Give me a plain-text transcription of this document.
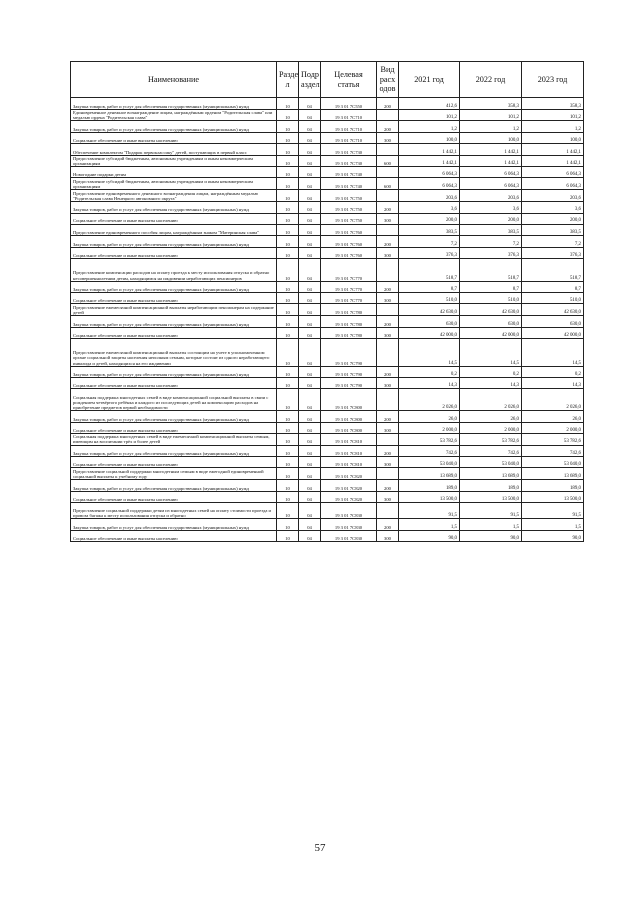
Наименование	Разде л	Подр аздел	Целевая статья	Вид расх одов	2021 год	2022 год	2023 год
Закупка товаров, работ и услуг для обеспечения государственных (муниципальных) нужд	10	04	19 3 01 7С550	200	412,6	358,3	358,3
Единовременное денежное вознаграждение лицам, награждённым орденом "Родительская слава" или медалью ордена "Родительская слава"	10	04	19 3 01 7С710		101,2	101,2	101,2
Закупка товаров, работ и услуг для обеспечения государственных (муниципальных) нужд	10	04	19 3 01 7С710	200	1,2	1,2	1,2
Социальное обеспечение и иные выплаты населению	10	04	19 3 01 7С710	300	100,0	100,0	100,0
Обеспечение комплектом "Подарок первоклассику" детей, поступающих в первый класс	10	04	19 3 01 7С730		1 442,1	1 442,1	1 442,1
Предоставление субсидий бюджетным, автономным учреждениям и иным некоммерческим организациям	10	04	19 3 01 7С730	600	1 442,1	1 442,1	1 442,1
Новогодние подарки детям	10	04	19 3 01 7С740		6 064,3	6 064,3	6 064,3
Предоставление субсидий бюджетным, автономным учреждениям и иным некоммерческим организациям	10	04	19 3 01 7С740	600	6 064,3	6 064,3	6 064,3
Предоставление единовременного денежного вознаграждения лицам, награждённым медалью "Родительская слава Ненецкого автономного округа"	10	04	19 3 01 7С750		203,6	203,6	203,6
Закупка товаров, работ и услуг для обеспечения государственных (муниципальных) нужд	10	04	19 3 01 7С750	200	3,6	3,6	3,6
Социальное обеспечение и иные выплаты населению	10	04	19 3 01 7С750	300	200,0	200,0	200,0
Предоставление единовременного пособия лицам, награждённым знаком "Материнская слава"	10	04	19 3 01 7С760		383,5	383,5	383,5
Закупка товаров, работ и услуг для обеспечения государственных (муниципальных) нужд	10	04	19 3 01 7С760	200	7,2	7,2	7,2
Социальное обеспечение и иные выплаты населению	10	04	19 3 01 7С760	300	376,3	376,3	376,3
Предоставление компенсации расходов на оплату проезда к месту использования отпуска и обратно несовершеннолетним детям, находящимся на иждивении неработающих пенсионеров	10	04	19 3 01 7С770		518,7	518,7	518,7
Закупка товаров, работ и услуг для обеспечения государственных (муниципальных) нужд	10	04	19 3 01 7С770	200	8,7	8,7	8,7
Социальное обеспечение и иные выплаты населению	10	04	19 3 01 7С770	300	510,0	510,0	510,0
Предоставление ежемесячной компенсационной выплаты неработающим пенсионерам на содержание детей	10	04	19 3 01 7С780		42 630,0	42 630,0	42 630,0
Закупка товаров, работ и услуг для обеспечения государственных (муниципальных) нужд	10	04	19 3 01 7С780	200	630,0	630,0	630,0
Социальное обеспечение и иные выплаты населению	10	04	19 3 01 7С780	300	42 000,0	42 000,0	42 000,0
Предоставление ежемесячной компенсационной выплаты состоящим на учете в уполномоченном органе социальной защиты населения неполным семьям, которые состоят из одного неработающего инвалида и детей, находящихся на его иждивении	10	04	19 3 01 7С790		14,5	14,5	14,5
Закупка товаров, работ и услуг для обеспечения государственных (муниципальных) нужд	10	04	19 3 01 7С790	200	0,2	0,2	0,2
Социальное обеспечение и иные выплаты населению	10	04	19 3 01 7С790	300	14,3	14,3	14,3
Социальная поддержка многодетных семей в виде компенсационной социальной выплаты в связи с рождением четвёртого ребёнка и каждого из последующих детей на компенсацию расходов на приобретение предметов первой необходимости	10	04	19 3 01 7С800		2 026,0	2 026,0	2 026,0
Закупка товаров, работ и услуг для обеспечения государственных (муниципальных) нужд	10	04	19 3 01 7С800	200	26,0	26,0	26,0
Социальное обеспечение и иные выплаты населению	10	04	19 3 01 7С800	300	2 000,0	2 000,0	2 000,0
Социальная поддержка многодетных семей в виде ежемесячной компенсационной выплаты семьям, имеющим на воспитании трёх и более детей	10	04	19 3 01 7С810		53 782,6	53 782,6	53 782,6
Закупка товаров, работ и услуг для обеспечения государственных (муниципальных) нужд	10	04	19 3 01 7С810	200	742,6	742,6	742,6
Социальное обеспечение и иные выплаты населению	10	04	19 3 01 7С810	300	53 040,0	53 040,0	53 040,0
Предоставление социальной поддержки многодетным семьям в виде ежегодной единовременной социальной выплаты к учебному году	10	04	19 3 01 7С820		13 689,0	13 689,0	13 689,0
Закупка товаров, работ и услуг для обеспечения государственных (муниципальных) нужд	10	04	19 3 01 7С820	200	189,0	189,0	189,0
Социальное обеспечение и иные выплаты населению	10	04	19 3 01 7С820	300	13 500,0	13 500,0	13 500,0
Предоставление социальной поддержки детям из многодетных семей на оплату стоимости проезда и провоза багажа к месту использования отпуска и обратно	10	04	19 3 01 7С830		91,5	91,5	91,5
Закупка товаров, работ и услуг для обеспечения государственных (муниципальных) нужд	10	04	19 3 01 7С830	200	1,5	1,5	1,5
Социальное обеспечение и иные выплаты населению	10	04	19 3 01 7С830	300	90,0	90,0	90,0
57
